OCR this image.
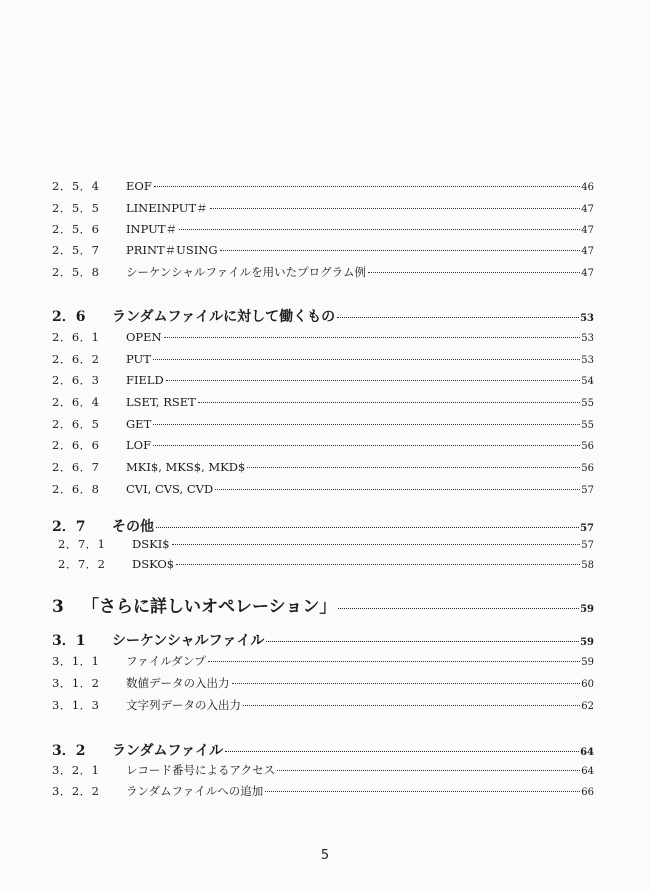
2．5．4	EOF	46
2．5．5	LINEINPUT＃	47
2．5．6	INPUT＃	47
2．5．7	PRINT＃USING	47
2．5．8	シーケンシャルファイルを用いたプログラム例	47
2．6	ランダムファイルに対して働くもの	53
2．6．1	OPEN	53
2．6．2	PUT	53
2．6．3	FIELD	54
2．6．4	LSET, RSET	55
2．6．5	GET	55
2．6．6	LOF	56
2．6．7	MKI$, MKS$, MKD$	56
2．6．8	CVI, CVS, CVD	57
2．7	その他	57
2．7．1	DSKI$	57
2．7．2	DSKO$	58
3	「さらに詳しいオペレーション」	59
3．1	シーケンシャルファイル	59
3．1．1	ファイルダンプ	59
3．1．2	数値データの入出力	60
3．1．3	文字列データの入出力	62
3．2	ランダムファイル	64
3．2．1	レコード番号によるアクセス	64
3．2．2	ランダムファイルへの追加	66
5
